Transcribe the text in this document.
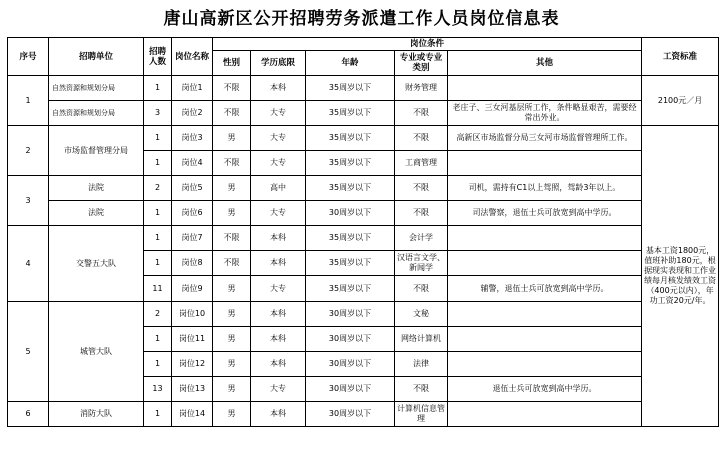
唐山高新区公开招聘劳务派遣工作人员岗位信息表
序号	招聘单位	招聘人数	岗位名称	岗位条件					工资标准
				性别	学历底限	年龄	专业或专业类别	其他	
1	自然资源和规划分局	1	岗位1	不限	本科	35周岁以下	财务管理		2100元／月
	自然资源和规划分局	3	岗位2	不限	大专	35周岁以下	不限	老庄子、三女河基层所工作，条件略显艰苦，需要经常出外业。	
2	市场监督管理分局	1	岗位3	男	大专	35周岁以下	不限	高新区市场监督分局三女河市场监督管理所工作。	基本工资1800元，值班补助180元，根据现实表现和工作业绩每月核发绩效工资（400元以内），年功工资20元/年。
		1	岗位4	不限	大专	35周岁以下	工商管理		
3	法院	2	岗位5	男	高中	35周岁以下	不限	司机，需持有C1以上驾照，驾龄3年以上。	
	法院	1	岗位6	男	大专	30周岁以下	不限	司法警察，退伍士兵可放宽到高中学历。	
4	交警五大队	1	岗位7	不限	本科	35周岁以下	会计学		
		1	岗位8	不限	本科	35周岁以下	汉语言文学、新闻学		
		11	岗位9	男	大专	35周岁以下	不限	辅警，退伍士兵可放宽到高中学历。	
5	城管大队	2	岗位10	男	本科	30周岁以下	文秘		
		1	岗位11	男	本科	30周岁以下	网络计算机		
		1	岗位12	男	本科	30周岁以下	法律		
		13	岗位13	男	大专	30周岁以下	不限	退伍士兵可放宽到高中学历。	
6	消防大队	1	岗位14	男	本科	30周岁以下	计算机信息管理		
